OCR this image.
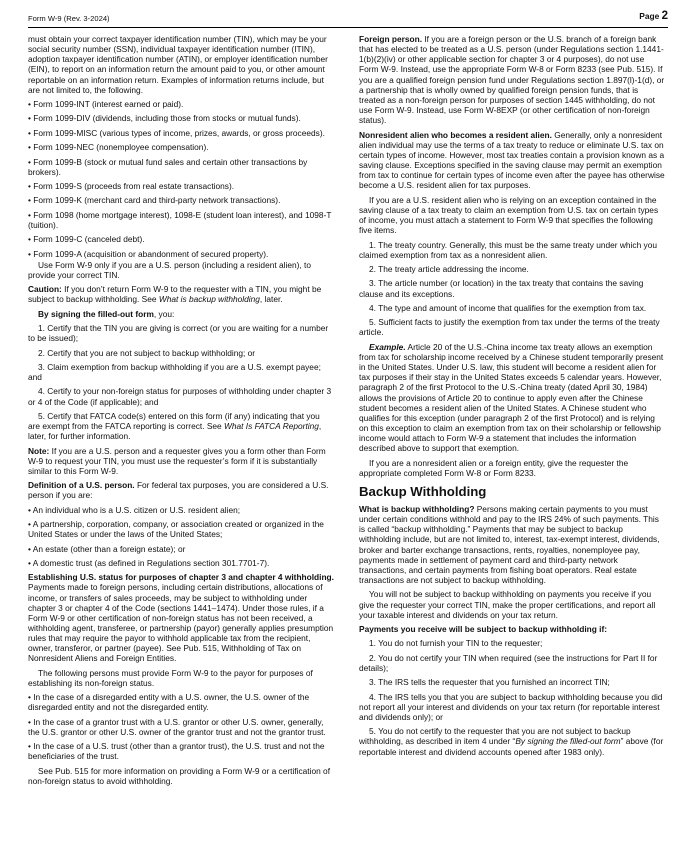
Form W-9 (Rev. 3-2024)	Page 2

must obtain your correct taxpayer identification number (TIN), which may be your social security number (SSN), individual taxpayer identification number (ITIN), adoption taxpayer identification number (ATIN), or employer identification number (EIN), to report on an information return the amount paid to you, or other amount reportable on an information return. Examples of information returns include, but are not limited to, the following.

• Form 1099-INT (interest earned or paid).

• Form 1099-DIV (dividends, including those from stocks or mutual funds).

• Form 1099-MISC (various types of income, prizes, awards, or gross proceeds).

• Form 1099-NEC (nonemployee compensation).

• Form 1099-B (stock or mutual fund sales and certain other transactions by brokers).

• Form 1099-S (proceeds from real estate transactions).

• Form 1099-K (merchant card and third-party network transactions).

• Form 1098 (home mortgage interest), 1098-E (student loan interest), and 1098-T (tuition).

• Form 1099-C (canceled debt).

• Form 1099-A (acquisition or abandonment of secured property).

Use Form W-9 only if you are a U.S. person (including a resident alien), to provide your correct TIN.

Caution: If you don’t return Form W-9 to the requester with a TIN, you might be subject to backup withholding. See What is backup withholding, later.

By signing the filled-out form, you:

1. Certify that the TIN you are giving is correct (or you are waiting for a number to be issued);

2. Certify that you are not subject to backup withholding; or

3. Claim exemption from backup withholding if you are a U.S. exempt payee; and

4. Certify to your non-foreign status for purposes of withholding under chapter 3 or 4 of the Code (if applicable); and

5. Certify that FATCA code(s) entered on this form (if any) indicating that you are exempt from the FATCA reporting is correct. See What Is FATCA Reporting, later, for further information.

Note: If you are a U.S. person and a requester gives you a form other than Form W-9 to request your TIN, you must use the requester’s form if it is substantially similar to this Form W-9.

Definition of a U.S. person. For federal tax purposes, you are considered a U.S. person if you are:

• An individual who is a U.S. citizen or U.S. resident alien;

• A partnership, corporation, company, or association created or organized in the United States or under the laws of the United States;

• An estate (other than a foreign estate); or

• A domestic trust (as defined in Regulations section 301.7701-7).

Establishing U.S. status for purposes of chapter 3 and chapter 4 withholding. Payments made to foreign persons, including certain distributions, allocations of income, or transfers of sales proceeds, may be subject to withholding under chapter 3 or chapter 4 of the Code (sections 1441–1474). Under those rules, if a Form W-9 or other certification of non-foreign status has not been received, a withholding agent, transferee, or partnership (payor) generally applies presumption rules that may require the payor to withhold applicable tax from the recipient, owner, transferor, or partner (payee). See Pub. 515, Withholding of Tax on Nonresident Aliens and Foreign Entities.

The following persons must provide Form W-9 to the payor for purposes of establishing its non-foreign status.

• In the case of a disregarded entity with a U.S. owner, the U.S. owner of the disregarded entity and not the disregarded entity.

• In the case of a grantor trust with a U.S. grantor or other U.S. owner, generally, the U.S. grantor or other U.S. owner of the grantor trust and not the grantor trust.

• In the case of a U.S. trust (other than a grantor trust), the U.S. trust and not the beneficiaries of the trust.

See Pub. 515 for more information on providing a Form W-9 or a certification of non-foreign status to avoid withholding.

Foreign person. If you are a foreign person or the U.S. branch of a foreign bank that has elected to be treated as a U.S. person (under Regulations section 1.1441-1(b)(2)(iv) or other applicable section for chapter 3 or 4 purposes), do not use Form W-9. Instead, use the appropriate Form W-8 or Form 8233 (see Pub. 515). If you are a qualified foreign pension fund under Regulations section 1.897(l)-1(d), or a partnership that is wholly owned by qualified foreign pension funds, that is treated as a non-foreign person for purposes of section 1445 withholding, do not use Form W-9. Instead, use Form W-8EXP (or other certification of non-foreign status).

Nonresident alien who becomes a resident alien. Generally, only a nonresident alien individual may use the terms of a tax treaty to reduce or eliminate U.S. tax on certain types of income. However, most tax treaties contain a provision known as a saving clause. Exceptions specified in the saving clause may permit an exemption from tax to continue for certain types of income even after the payee has otherwise become a U.S. resident alien for tax purposes.

If you are a U.S. resident alien who is relying on an exception contained in the saving clause of a tax treaty to claim an exemption from U.S. tax on certain types of income, you must attach a statement to Form W-9 that specifies the following five items.

1. The treaty country. Generally, this must be the same treaty under which you claimed exemption from tax as a nonresident alien.

2. The treaty article addressing the income.

3. The article number (or location) in the tax treaty that contains the saving clause and its exceptions.

4. The type and amount of income that qualifies for the exemption from tax.

5. Sufficient facts to justify the exemption from tax under the terms of the treaty article.

Example. Article 20 of the U.S.-China income tax treaty allows an exemption from tax for scholarship income received by a Chinese student temporarily present in the United States. Under U.S. law, this student will become a resident alien for tax purposes if their stay in the United States exceeds 5 calendar years. However, paragraph 2 of the first Protocol to the U.S.-China treaty (dated April 30, 1984) allows the provisions of Article 20 to continue to apply even after the Chinese student becomes a resident alien of the United States. A Chinese student who qualifies for this exception (under paragraph 2 of the first Protocol) and is relying on this exception to claim an exemption from tax on their scholarship or fellowship income would attach to Form W-9 a statement that includes the information described above to support that exemption.

If you are a nonresident alien or a foreign entity, give the requester the appropriate completed Form W-8 or Form 8233.

Backup Withholding

What is backup withholding? Persons making certain payments to you must under certain conditions withhold and pay to the IRS 24% of such payments. This is called “backup withholding.” Payments that may be subject to backup withholding include, but are not limited to, interest, tax-exempt interest, dividends, broker and barter exchange transactions, rents, royalties, nonemployee pay, payments made in settlement of payment card and third-party network transactions, and certain payments from fishing boat operators. Real estate transactions are not subject to backup withholding.

You will not be subject to backup withholding on payments you receive if you give the requester your correct TIN, make the proper certifications, and report all your taxable interest and dividends on your tax return.

Payments you receive will be subject to backup withholding if:

1. You do not furnish your TIN to the requester;

2. You do not certify your TIN when required (see the instructions for Part II for details);

3. The IRS tells the requester that you furnished an incorrect TIN;

4. The IRS tells you that you are subject to backup withholding because you did not report all your interest and dividends on your tax return (for reportable interest and dividends only); or

5. You do not certify to the requester that you are not subject to backup withholding, as described in item 4 under “By signing the filled-out form” above (for reportable interest and dividend accounts opened after 1983 only).
